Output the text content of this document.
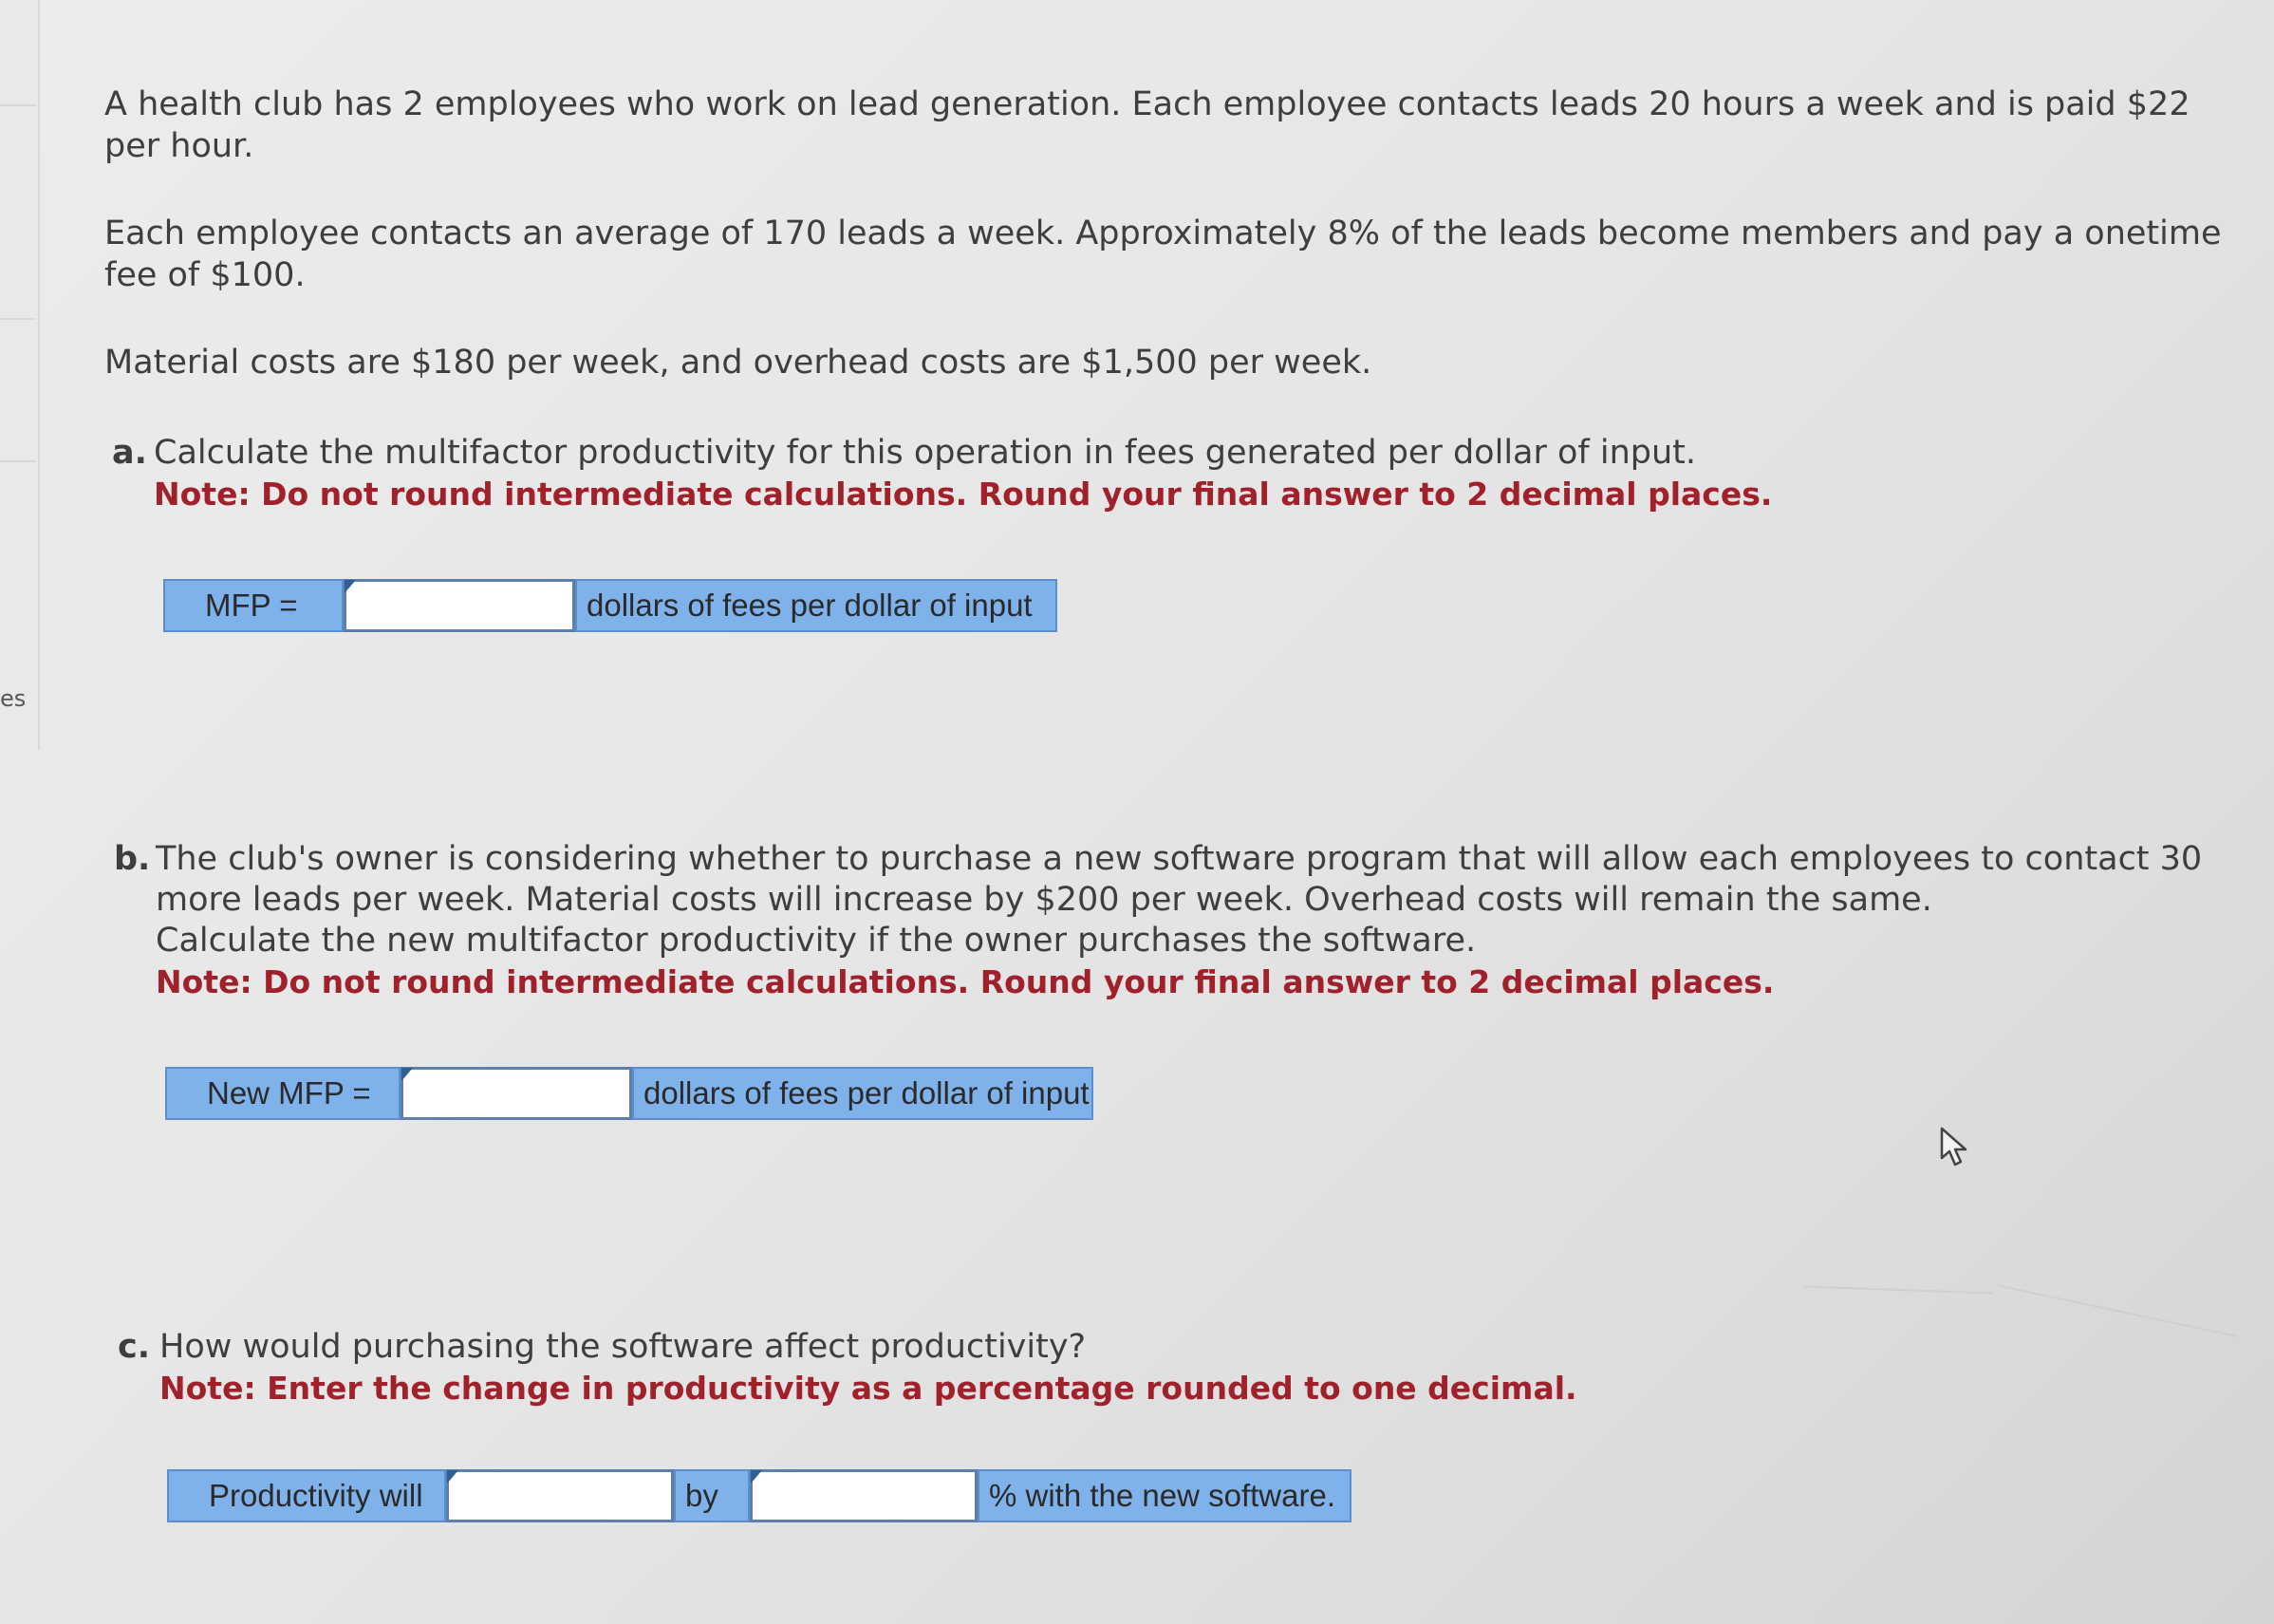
es

A health club has 2 employees who work on lead generation. Each employee contacts leads 20 hours a week and is paid $22 per hour.

Each employee contacts an average of 170 leads a week. Approximately 8% of the leads become members and pay a onetime fee of $100.

Material costs are $180 per week, and overhead costs are $1,500 per week.

a. Calculate the multifactor productivity for this operation in fees generated per dollar of input.
Note: Do not round intermediate calculations. Round your final answer to 2 decimal places.
MFP =	dollars of fees per dollar of input
b. The club's owner is considering whether to purchase a new software program that will allow each employees to contact 30 more leads per week. Material costs will increase by $200 per week. Overhead costs will remain the same.
Calculate the new multifactor productivity if the owner purchases the software.
Note: Do not round intermediate calculations. Round your final answer to 2 decimal places.
New MFP =	dollars of fees per dollar of input
c. How would purchasing the software affect productivity?
Note: Enter the change in productivity as a percentage rounded to one decimal.
Productivity will	by	% with the new software.
